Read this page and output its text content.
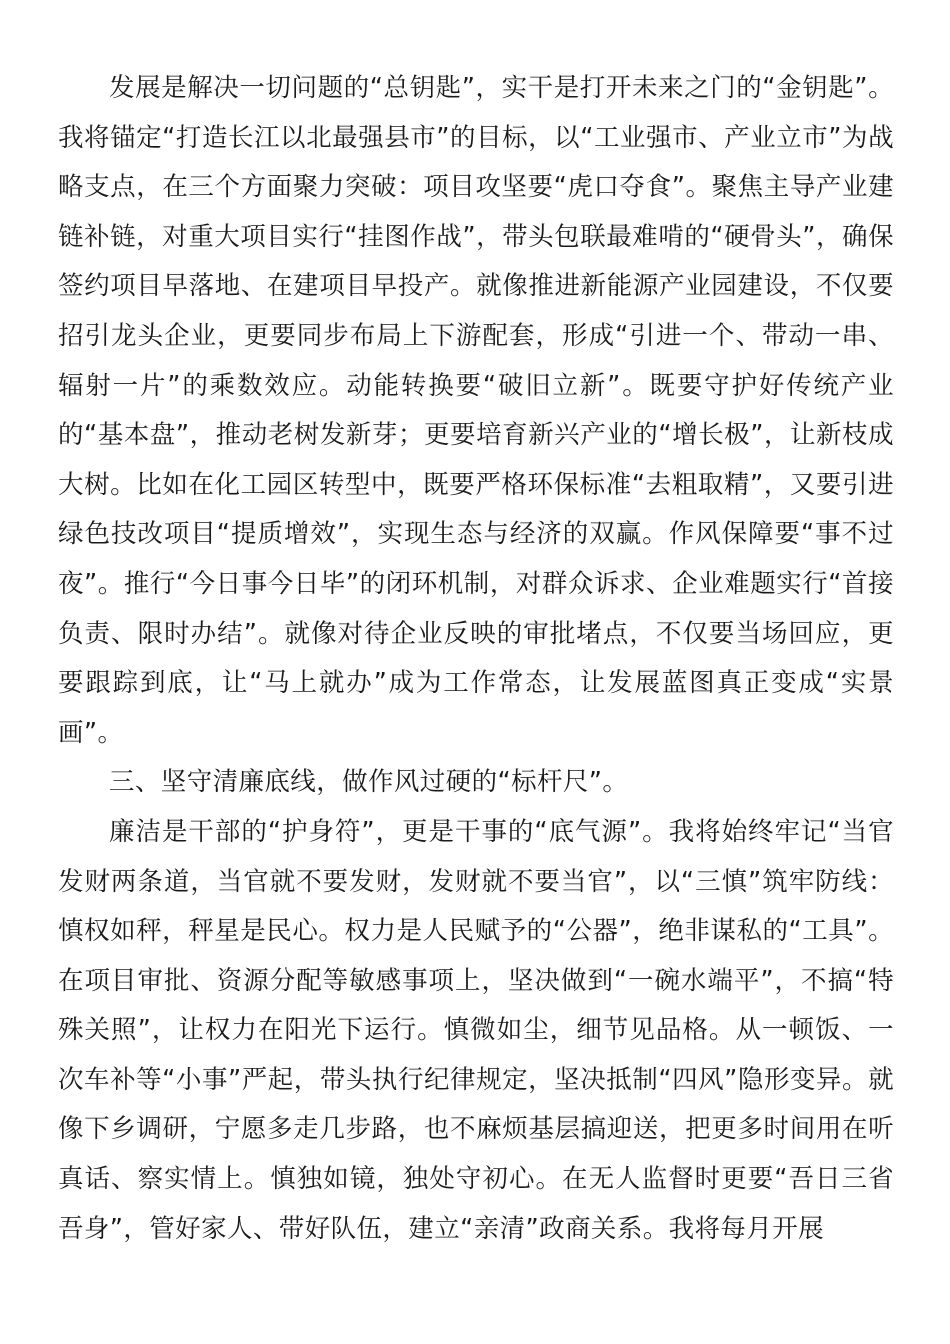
发展是解决一切问题的“总钥匙”，实干是打开未来之门的“金钥匙”。我将锚定“打造长江以北最强县市”的目标，以“工业强市、产业立市”为战略支点，在三个方面聚力突破：项目攻坚要“虎口夺食”。聚焦主导产业建链补链，对重大项目实行“挂图作战”，带头包联最难啃的“硬骨头”，确保签约项目早落地、在建项目早投产。就像推进新能源产业园建设，不仅要招引龙头企业，更要同步布局上下游配套，形成“引进一个、带动一串、辐射一片”的乘数效应。动能转换要“破旧立新”。既要守护好传统产业的“基本盘”，推动老树发新芽；更要培育新兴产业的“增长极”，让新枝成大树。比如在化工园区转型中，既要严格环保标准“去粗取精”，又要引进绿色技改项目“提质增效”，实现生态与经济的双赢。作风保障要“事不过夜”。推行“今日事今日毕”的闭环机制，对群众诉求、企业难题实行“首接负责、限时办结”。就像对待企业反映的审批堵点，不仅要当场回应，更要跟踪到底，让“马上就办”成为工作常态，让发展蓝图真正变成“实景画”。

三、坚守清廉底线，做作风过硬的“标杆尺”。

廉洁是干部的“护身符”，更是干事的“底气源”。我将始终牢记“当官发财两条道，当官就不要发财，发财就不要当官”，以“三慎”筑牢防线：慎权如秤，秤星是民心。权力是人民赋予的“公器”，绝非谋私的“工具”。在项目审批、资源分配等敏感事项上，坚决做到“一碗水端平”，不搞“特殊关照”，让权力在阳光下运行。慎微如尘，细节见品格。从一顿饭、一次车补等“小事”严起，带头执行纪律规定，坚决抵制“四风”隐形变异。就像下乡调研，宁愿多走几步路，也不麻烦基层搞迎送，把更多时间用在听真话、察实情上。慎独如镜，独处守初心。在无人监督时更要“吾日三省吾身”，管好家人、带好队伍，建立“亲清”政商关系。我将每月开展
